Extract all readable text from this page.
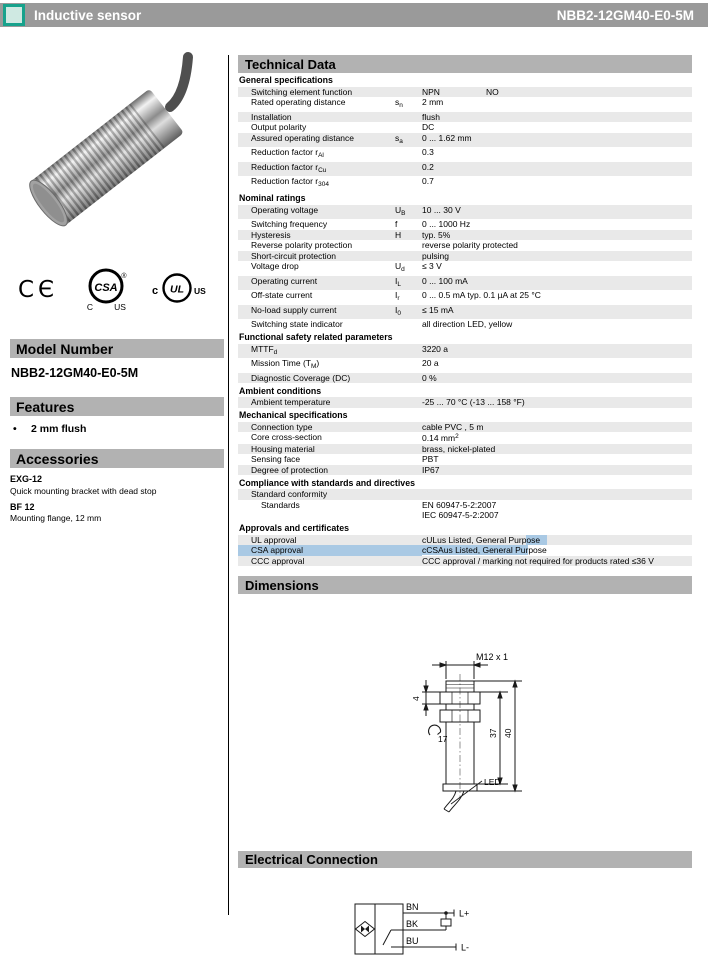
Inductive sensor	NBB2-12GM40-E0-5M
CЄ	CSA
®
C US
c UL US
Model Number
NBB2-12GM40-E0-5M
Features
• 2 mm flush
Accessories
EXG-12
Quick mounting bracket with dead stop
BF 12
Mounting flange, 12 mm
Technical Data
General specifications
Switching element function	NPN	NO
Rated operating distance	$s_n$	2 mm
Installation	flush
Output polarity	DC
Assured operating distance	$s_a$	0 ... 1.62 mm
Reduction factor $r_{Al}$	0.3
Reduction factor $r_{Cu}$	0.2
Reduction factor $r_{304}$	0.7
Nominal ratings
Operating voltage	$U_B$	10 ... 30 V
Switching frequency	f	0 ... 1000 Hz
Hysteresis	H	typ. 5%
Reverse polarity protection	reverse polarity protected
Short-circuit protection	pulsing
Voltage drop	$U_d$	≤ 3 V
Operating current	$I_L$	0 ... 100 mA
Off-state current	$I_r$	0 ... 0.5 mA typ. 0.1 µA at 25 °C
No-load supply current	$I_0$	≤ 15 mA
Switching state indicator	all direction LED, yellow
Functional safety related parameters
$MTTF_d$	3220 a
Mission Time $(T_M)$	20 a
Diagnostic Coverage (DC)	0 %
Ambient conditions
Ambient temperature	-25 ... 70 °C (-13 ... 158 °F)
Mechanical specifications
Connection type	cable PVC , 5 m
Core cross-section	0.14 $mm^2$
Housing material	brass, nickel-plated
Sensing face	PBT
Degree of protection	IP67
Compliance with standards and directives
Standard conformity
Standards	EN 60947-5-2:2007
IEC 60947-5-2:2007
Approvals and certificates
UL approval	cULus Listed, General Purpose
CSA approval	cCSAus Listed, General Purpose
CCC approval	CCC approval / marking not required for products rated ≤36 V
Dimensions
M12 x 1
4
17
37 40
LED
Electrical Connection
BN
BK
BU
L+
L-
